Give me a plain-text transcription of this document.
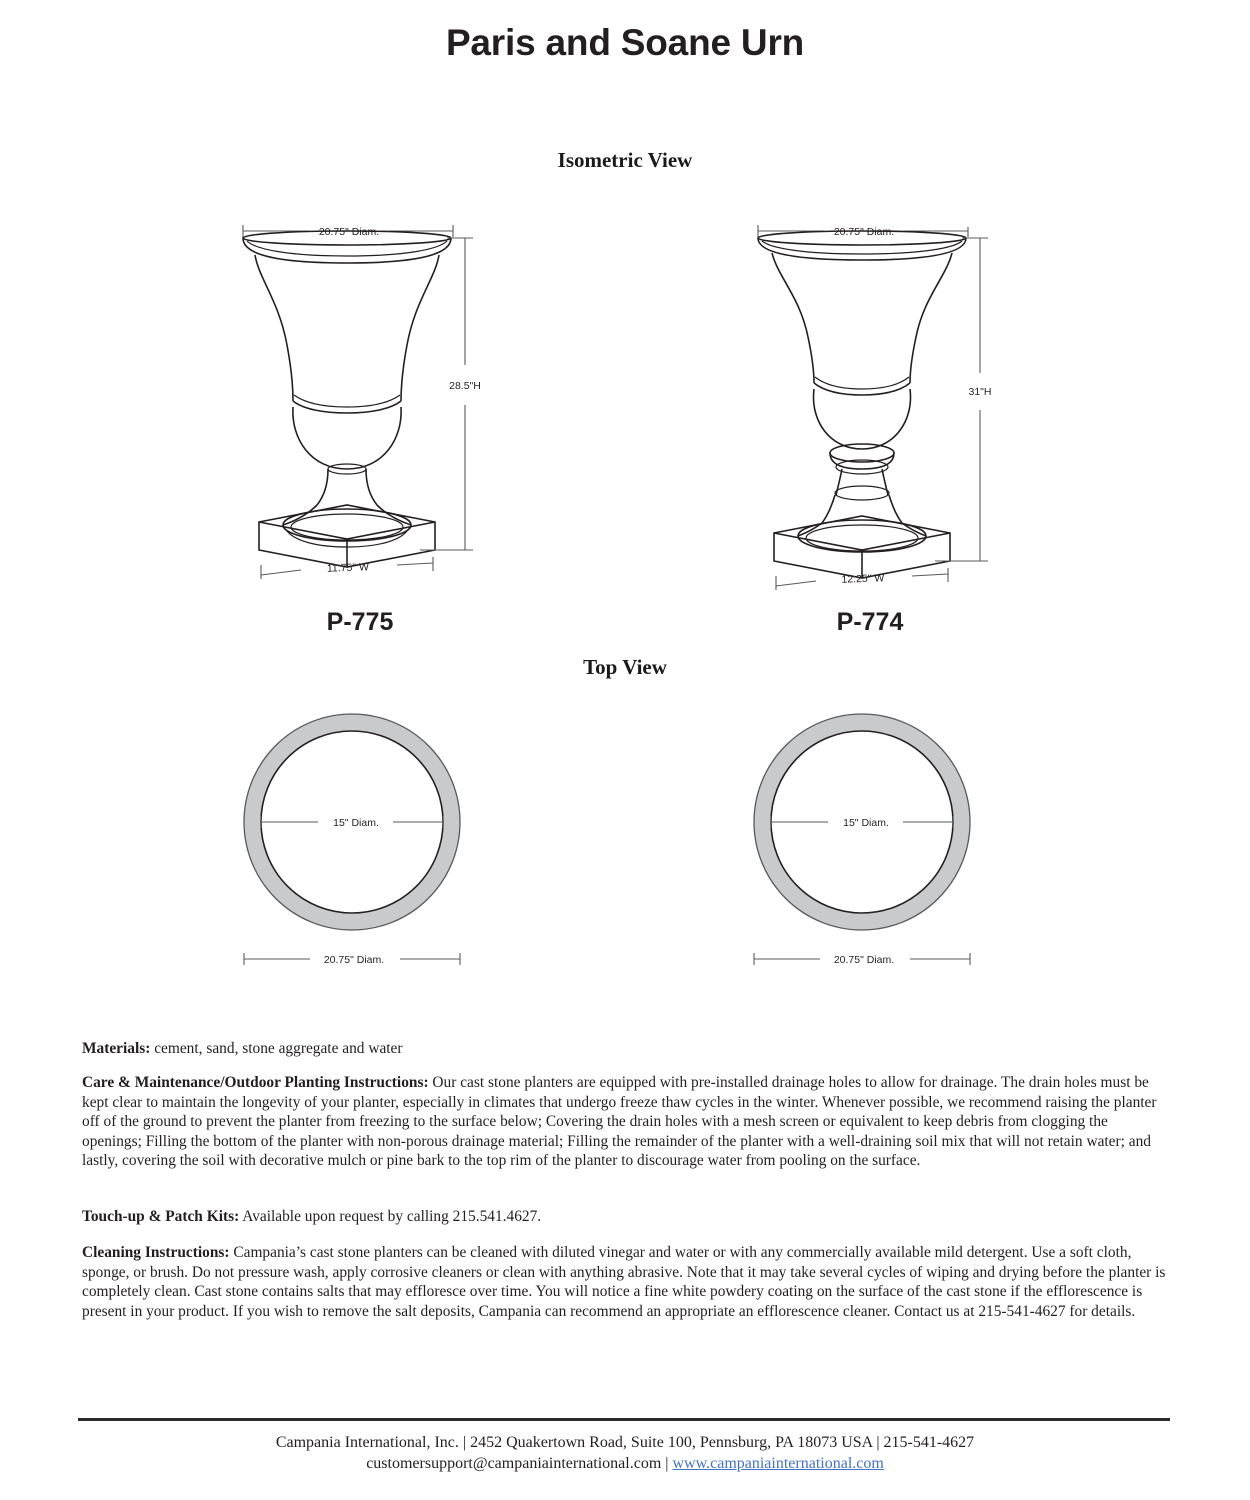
Paris and Soane Urn
Isometric View
20.75" Diam.
28.5"H
11.75" W
20.75" Diam.
31"H
12.25" W
P-775	P-774
Top View
15" Diam.
20.75" Diam.
15" Diam.
20.75" Diam.

Materials: cement, sand, stone aggregate and water

Care & Maintenance/Outdoor Planting Instructions: Our cast stone planters are equipped with pre-installed drainage holes to allow for drainage. The drain holes must be kept clear to maintain the longevity of your planter, especially in climates that undergo freeze thaw cycles in the winter. Whenever possible, we recommend raising the planter off of the ground to prevent the planter from freezing to the surface below; Covering the drain holes with a mesh screen or equivalent to keep debris from clogging the openings; Filling the bottom of the planter with non-porous drainage material; Filling the remainder of the planter with a well-draining soil mix that will not retain water; and lastly, covering the soil with decorative mulch or pine bark to the top rim of the planter to discourage water from pooling on the surface.

Touch-up & Patch Kits: Available upon request by calling 215.541.4627.

Cleaning Instructions: Campania’s cast stone planters can be cleaned with diluted vinegar and water or with any commercially available mild detergent. Use a soft cloth, sponge, or brush. Do not pressure wash, apply corrosive cleaners or clean with anything abrasive. Note that it may take several cycles of wiping and drying before the planter is completely clean. Cast stone contains salts that may effloresce over time. You will notice a fine white powdery coating on the surface of the cast stone if the efflorescence is present in your product. If you wish to remove the salt deposits, Campania can recommend an appropriate an efflorescence cleaner. Contact us at 215-541-4627 for details.

Campania International, Inc. | 2452 Quakertown Road, Suite 100, Pennsburg, PA 18073 USA | 215-541-4627
customersupport@campaniainternational.com | www.campaniainternational.com
